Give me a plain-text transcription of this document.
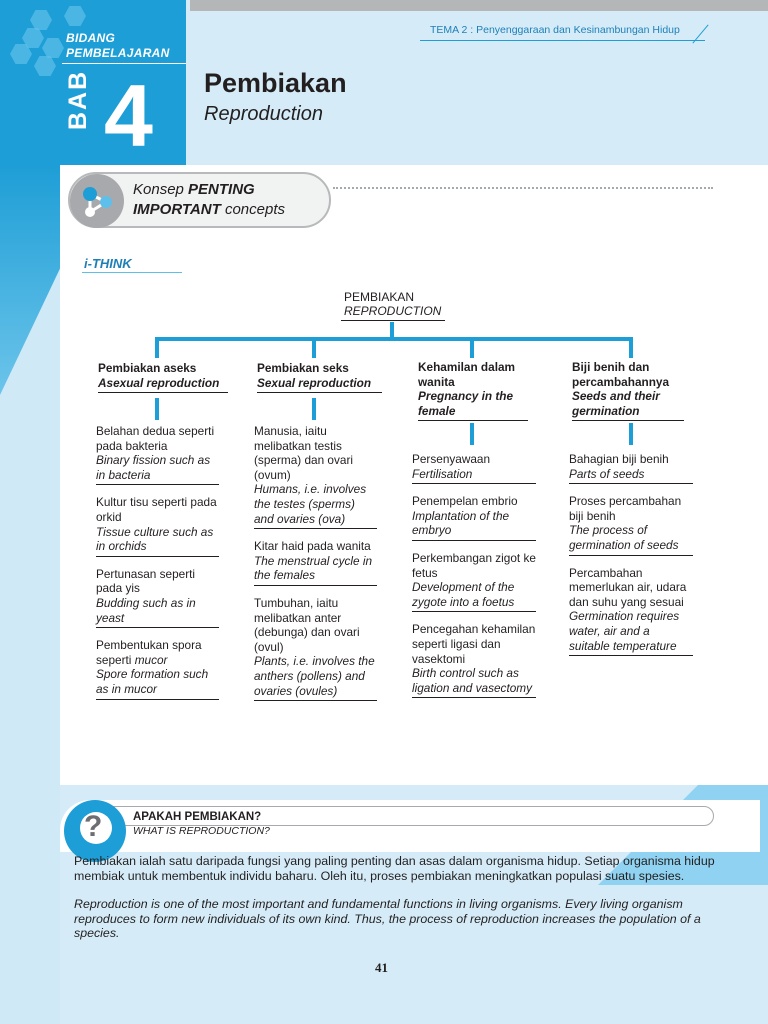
BIDANG
PEMBELAJARAN
BAB 4
TEMA 2 : Penyenggaraan dan Kesinambungan Hidup
Pembiakan
Reproduction
Konsep PENTING
IMPORTANT concepts
i-THINK
PEMBIAKAN
REPRODUCTION
Pembiakan aseks
Asexual reproduction
Belahan dedua seperti pada bakteria
Binary fission such as in bacteria
Kultur tisu seperti pada orkid
Tissue culture such as in orchids
Pertunasan seperti pada yis
Budding such as in yeast
Pembentukan spora seperti mucor
Spore formation such as in mucor
Pembiakan seks
Sexual reproduction
Manusia, iaitu melibatkan testis (sperma) dan ovari (ovum)
Humans, i.e. involves the testes (sperms) and ovaries (ova)
Kitar haid pada wanita
The menstrual cycle in the females
Tumbuhan, iaitu melibatkan anter (debunga) dan ovari (ovul)
Plants, i.e. involves the anthers (pollens) and ovaries (ovules)
Kehamilan dalam wanita
Pregnancy in the female
Persenyawaan
Fertilisation
Penempelan embrio
Implantation of the embryo
Perkembangan zigot ke fetus
Development of the zygote into a foetus
Pencegahan kehamilan seperti ligasi dan vasektomi
Birth control such as ligation and vasectomy
Biji benih dan percambahannya
Seeds and their germination
Bahagian biji benih
Parts of seeds
Proses percambahan biji benih
The process of germination of seeds
Percambahan memerlukan air, udara dan suhu yang sesuai
Germination requires water, air and a suitable temperature
?	APAKAH PEMBIAKAN?
WHAT IS REPRODUCTION?
Pembiakan ialah satu daripada fungsi yang paling penting dan asas dalam organisma hidup. Setiap organisma hidup membiak untuk membentuk individu baharu. Oleh itu, proses pembiakan meningkatkan populasi suatu spesies.
Reproduction is one of the most important and fundamental functions in living organisms. Every living organism reproduces to form new individuals of its own kind. Thus, the process of reproduction increases the population of a species.
41
